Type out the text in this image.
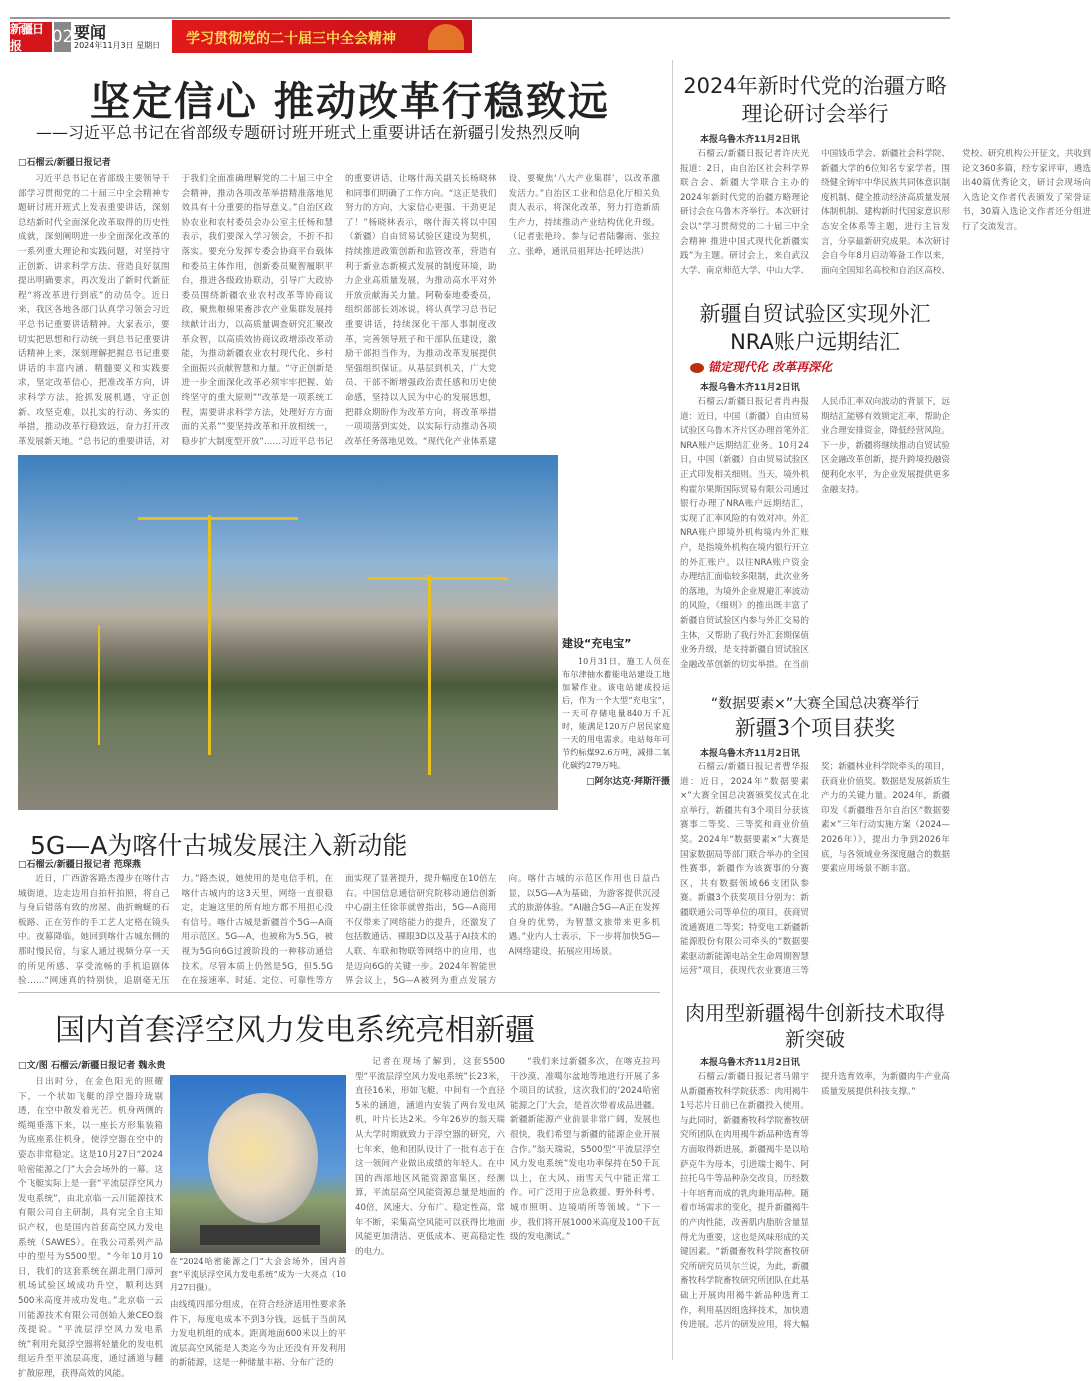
新疆日报	02 要闻
2024年11月3日 星期日	学习贯彻党的二十届三中全会精神
坚定信心 推动改革行稳致远
——习近平总书记在省部级专题研讨班开班式上重要讲话在新疆引发热烈反响
□石榴云/新疆日报记者
习近平总书记在省部级主要领导干部学习贯彻党的二十届三中全会精神专题研讨班开班式上发表重要讲话，深刻总结新时代全面深化改革取得的历史性成就，深刻阐明进一步全面深化改革的一系列重大理论和实践问题，对坚持守正创新、讲求科学方法、营造良好氛围提出明确要求，再次发出了新时代新征程“将改革进行到底”的动员令。近日来，我区各地各部门认真学习领会习近平总书记重要讲话精神。大家表示，要切实把思想和行动统一到总书记重要讲话精神上来，深刻理解把握总书记重要讲话的丰富内涵、精髓要义和实践要求，坚定改革信心，把准改革方向，讲求科学方法，抢抓发展机遇，守正创新、攻坚克难，以扎实的行动、务实的举措，推动改革行稳致远，奋力打开改革发展新天地。“总书记的重要讲话，对于我们全面准确理解党的二十届三中全会精神，推动各项改革举措精准落地见效具有十分重要的指导意义。”自治区政协农业和农村委员会办公室主任杨和慧表示，我们要深入学习领会，不折不扣落实。要充分发挥专委会协商平台载体和委员主体作用，创新委员聚智履职平台，推进各级政协联动，引导广大政协委员围绕新疆农业农村改革等协商议政，聚焦粮棉果畜涉农产业集群发展持续献计出力，以高质量调查研究汇聚改革众智，以高质效协商议政增添改革动能，为推动新疆农业农村现代化、乡村全面振兴贡献智慧和力量。“守正创新是进一步全面深化改革必须牢牢把握、始终坚守的重大原则”“改革是一项系统工程，需要讲求科学方法，处理好方方面面的关系”“要坚持改革和开放相统一，稳步扩大制度型开放”……习近平总书记的重要讲话，让喀什海关副关长杨晓林和同事们明确了工作方向。“这正是我们努力的方向，大家信心更强、干劲更足了！”杨晓林表示，喀什海关将以中国（新疆）自由贸易试验区建设为契机，持续推进政策创新和监管改革，营造有利于新业态新模式发展的制度环境，助力企业高质量发展，为推动高水平对外开放贡献海关力量。阿勒泰地委委员，组织部部长刘冰说，将认真学习总书记重要讲话，持续深化干部人事制度改革，完善领导班子和干部队伍建设，激励干部担当作为，为推动改革发展提供坚强组织保证。从基层到机关，广大党员、干部不断增强政治责任感和历史使命感，坚持以人民为中心的发展思想，把群众期盼作为改革方向，将改革举措一项项落到实处，以实际行动推动各项改革任务落地见效。“现代化产业体系建设，要聚焦‘八大产业集群’，以改革激发活力。”自治区工业和信息化厅相关负责人表示，将深化改革，努力打造新质生产力，持续推动产业结构优化升级。（记者张艳玲、参与记者陆馨雨、张拉立、张峥，通讯员祖拜达·托呼达洪）
建设“充电宝”
10月31日，施工人员在布尔津抽水蓄能电站建设工地加紧作业。该电站建成投运后，作为一个大型“充电宝”，一天可存储电量840万千瓦时，能满足120万户居民家庭一天的用电需求。电站每年可节约标煤92.6万吨，减排二氧化碳约279万吨。
□阿尔达克·拜斯汗摄
5G—A为喀什古城发展注入新动能
□石榴云/新疆日报记者 范琛燕
近日，广西游客路杰漫步在喀什古城街道，边走边用自拍杆拍照，将自己与身后错落有致的房屋、曲折蜿蜒的石板路、正在劳作的手工艺人定格在镜头中。夜幕降临，她回到喀什古城东侧的那时慢民宿，与家人通过视频分享一天的所见所感、享受流畅的手机追剧体验……“网速真的特别快，追剧毫无压力。”路杰说，她使用的是电信手机，在喀什古城内的这3天里，网络一直很稳定，走遍这里的所有地方都不用担心没有信号。喀什古城是新疆首个5G—A商用示范区。5G—A，也被称为5.5G，被视为5G向6G过渡阶段的一种移动通信技术。尽管本质上仍然是5G，但5.5G在在接速率、时延、定位、可靠性等方面实现了显著提升，提升幅度在10倍左右。中国信息通信研究院移动通信创新中心副主任徐菲就曾指出，5G—A商用不仅带来了网络能力的提升，还激发了包括数通话、裸眼3D以及基于AI技术的人联、车联和物联等网络中的应用，也是迈向6G的关键一步。2024年智能世界会议上，5G—A被列为重点发展方向。喀什古城的示范区作用也日益凸显，以5G—A为基础，为游客提供沉浸式的旅游体验。“AI融合5G—A正在发挥自身的优势，为智慧文旅带来更多机遇。”业内人士表示，下一步将加快5G—A网络建设，拓展应用场景。
国内首套浮空风力发电系统亮相新疆
□文/图 石榴云/新疆日报记者 魏永贵
日出时分，在金色阳光的照耀下，一个状如飞艇的浮空器玲珑剔透，在空中散发着光芒。机身两侧的缆绳垂落下来，以一座长方形集装箱为底座系住机身，使浮空器在空中的姿态非常稳定。这是10月27日“2024哈密能源之门”大会会场外的一幕。这个飞艇实际上是一套“平流层浮空风力发电系统”，由北京临一云川能源技术有限公司自主研制，具有完全自主知识产权，也是国内首套高空风力发电系统（SAWES）。在我公司系列产品中的型号为S500型。“今年10月10日，我们的这套系统在湖北荆门漳河机场试验区域成功升空，顺利达到500米高度并成功发电。”北京临一云川能源技术有限公司创始人兼CEO翁茂提说。“平流层浮空风力发电系统”利用充氦浮空器将轻量化的发电机组运升至平流层高度，通过涵道与翻扩散原理，获得高效的风能。
在“2024哈密能源之门”大会会场外，国内首套“平流层浮空风力发电系统”成为一大亮点（10月27日摄）。
由线缆四部分组成，在符合经济适用性要求条件下，每度电成本不到3分钱，远低于当前风力发电机组的成本。距离地面600米以上的平流层高空风能是人类迄今为止还没有开发利用的新能源，这是一种储量丰裕、分布广泛的
记者在现场了解到，这套S500型“平流层浮空风力发电系统”长23米，直径16米，形如飞艇，中间有一个直径5米的涵道，涵道内安装了两台发电风机，叶片长达2米。今年26岁的翁天瑞从大学时期就致力于浮空器的研究，六七年来，他和团队设计了一批有志于在这一领间产业做出成绩的年轻人。在中国的西部地区风能资源富集区，经测算，平流层高空风能资源总量是地面的40倍，风速大、分布广、稳定性高，常年不断，采集高空风能可以获得比地面风能更加清洁、更低成本、更高稳定性的电力。
“我们来过新疆多次，在喀克拉玛干沙漠、准噶尔盆地等地进行开展了多个项目的试验，这次我们的‘2024哈密能源之门’大会，是首次带着成品进疆。新疆新能源产业前景非常广阔，发展也很快，我们希望与新疆的能源企业开展合作。”翁天瑞说，S500型“平流层浮空风力发电系统”发电功率保持在50千瓦以上，在大风、雨雪天气中能正常工作。可广泛用于应急救援、野外科考、城市照明、边境哨所等领域。“下一步，我们将开展1000米高度及100千瓦级的发电测试。”
2024年新时代党的治疆方略理论研讨会举行
本报乌鲁木齐11月2日讯
石榴云/新疆日报记者许庆光报道：2日，由自治区社会科学界联合会、新疆大学联合主办的2024年新时代党的治疆方略理论研讨会在乌鲁木齐举行。本次研讨会以“学习贯彻党的二十届三中全会精神 推进中国式现代化新疆实践”为主题。研讨会上，来自武汉大学、南京师范大学、中山大学、中国钱币学会、新疆社会科学院、新疆大学的6位知名专家学者，围绕健全铸牢中华民族共同体意识制度机制、健全推动经济高质量发展体制机制、建构新时代国家意识形态安全体系等主题，进行主旨发言，分享最新研究成果。本次研讨会自今年8月启动筹备工作以来，面向全国知名高校和自治区高校、党校、研究机构公开征文，共收到论文360多篇，经专家评审，遴选出40篇优秀论文，研讨会现场向入选论文作者代表颁发了荣誉证书，30篇入选论文作者还分组进行了交流发言。
新疆自贸试验区实现外汇NRA账户远期结汇
锚定现代化 改革再深化
本报乌鲁木齐11月2日讯
石榴云/新疆日报记者肖冉报道：近日，中国（新疆）自由贸易试验区乌鲁木齐片区办理首笔外汇NRA账户远期结汇业务。10月24日，中国（新疆）自由贸易试验区正式印发相关细则。当天，境外机构霍尔果斯国际贸易有限公司通过银行办理了NRA账户远期结汇，实现了汇率风险的有效对冲。外汇NRA账户即境外机构境内外汇账户，是指境外机构在境内银行开立的外汇账户。以往NRA账户资金办理结汇面临较多限制，此次业务的落地，为境外企业规避汇率波动的风险，《细则》的推出既丰富了新疆自贸试验区内参与外汇交易的主体，又帮助了我行外汇套期保值业务升级，是支持新疆自贸试验区金融改革创新的切实举措。在当前人民币汇率双向波动的背景下，远期结汇能够有效锁定汇率，帮助企业合理安排资金，降低经营风险。下一步，新疆将继续推动自贸试验区金融改革创新，提升跨境投融资便利化水平，为企业发展提供更多金融支持。
“数据要素×”大赛全国总决赛举行
新疆3个项目获奖
本报乌鲁木齐11月2日讯
石榴云/新疆日报记者曹华报道：近日，2024年“数据要素×”大赛全国总决赛颁奖仪式在北京举行，新疆共有3个项目分获该赛事二等奖、三等奖和商业价值奖。2024年“数据要素×”大赛是国家数据局等部门联合举办的全国性赛事，新疆作为该赛事的分赛区，共有数据领域66支团队参赛。新疆3个获奖项目分别为：新疆联通公司等单位的项目，获商贸流通赛道二等奖；特变电工新疆新能源股份有限公司牵头的“数据要素驱动新能源电站全生命周期智慧运营”项目，获现代农业赛道三等奖；新疆林业科学院牵头的项目，获商业价值奖。数据是发展新质生产力的关键力量。2024年，新疆印发《新疆维吾尔自治区“数据要素×”三年行动实施方案（2024—2026年）》，提出力争到2026年底，与各领域业务深度融合的数据要素应用场景不断丰富。
肉用型新疆褐牛创新技术取得新突破
本报乌鲁木齐11月2日讯
石榴云/新疆日报记者马鼎宇从新疆畜牧科学院获悉：肉用褐牛1号芯片日前已在新疆投入使用。与此同时，新疆畜牧科学院畜牧研究所团队在肉用褐牛新品种选育等方面取得新进展。新疆褐牛是以哈萨克牛为母本，引进瑞士褐牛、阿拉托乌牛等品种杂交改良，历经数十年培育而成的乳肉兼用品种。随着市场需求的变化，提升新疆褐牛的产肉性能，改善肌内脂肪含量显得尤为重要，这也是风味形成的关键因素。“新疆畜牧科学院畜牧研究所研究员贝尔兰说，为此，新疆畜牧科学院畜牧研究所团队在此基础上开展肉用褐牛新品种选育工作，利用基因组选择技术，加快遗传进展。芯片的研发应用，将大幅提升选育效率，为新疆肉牛产业高质量发展提供科技支撑。”
